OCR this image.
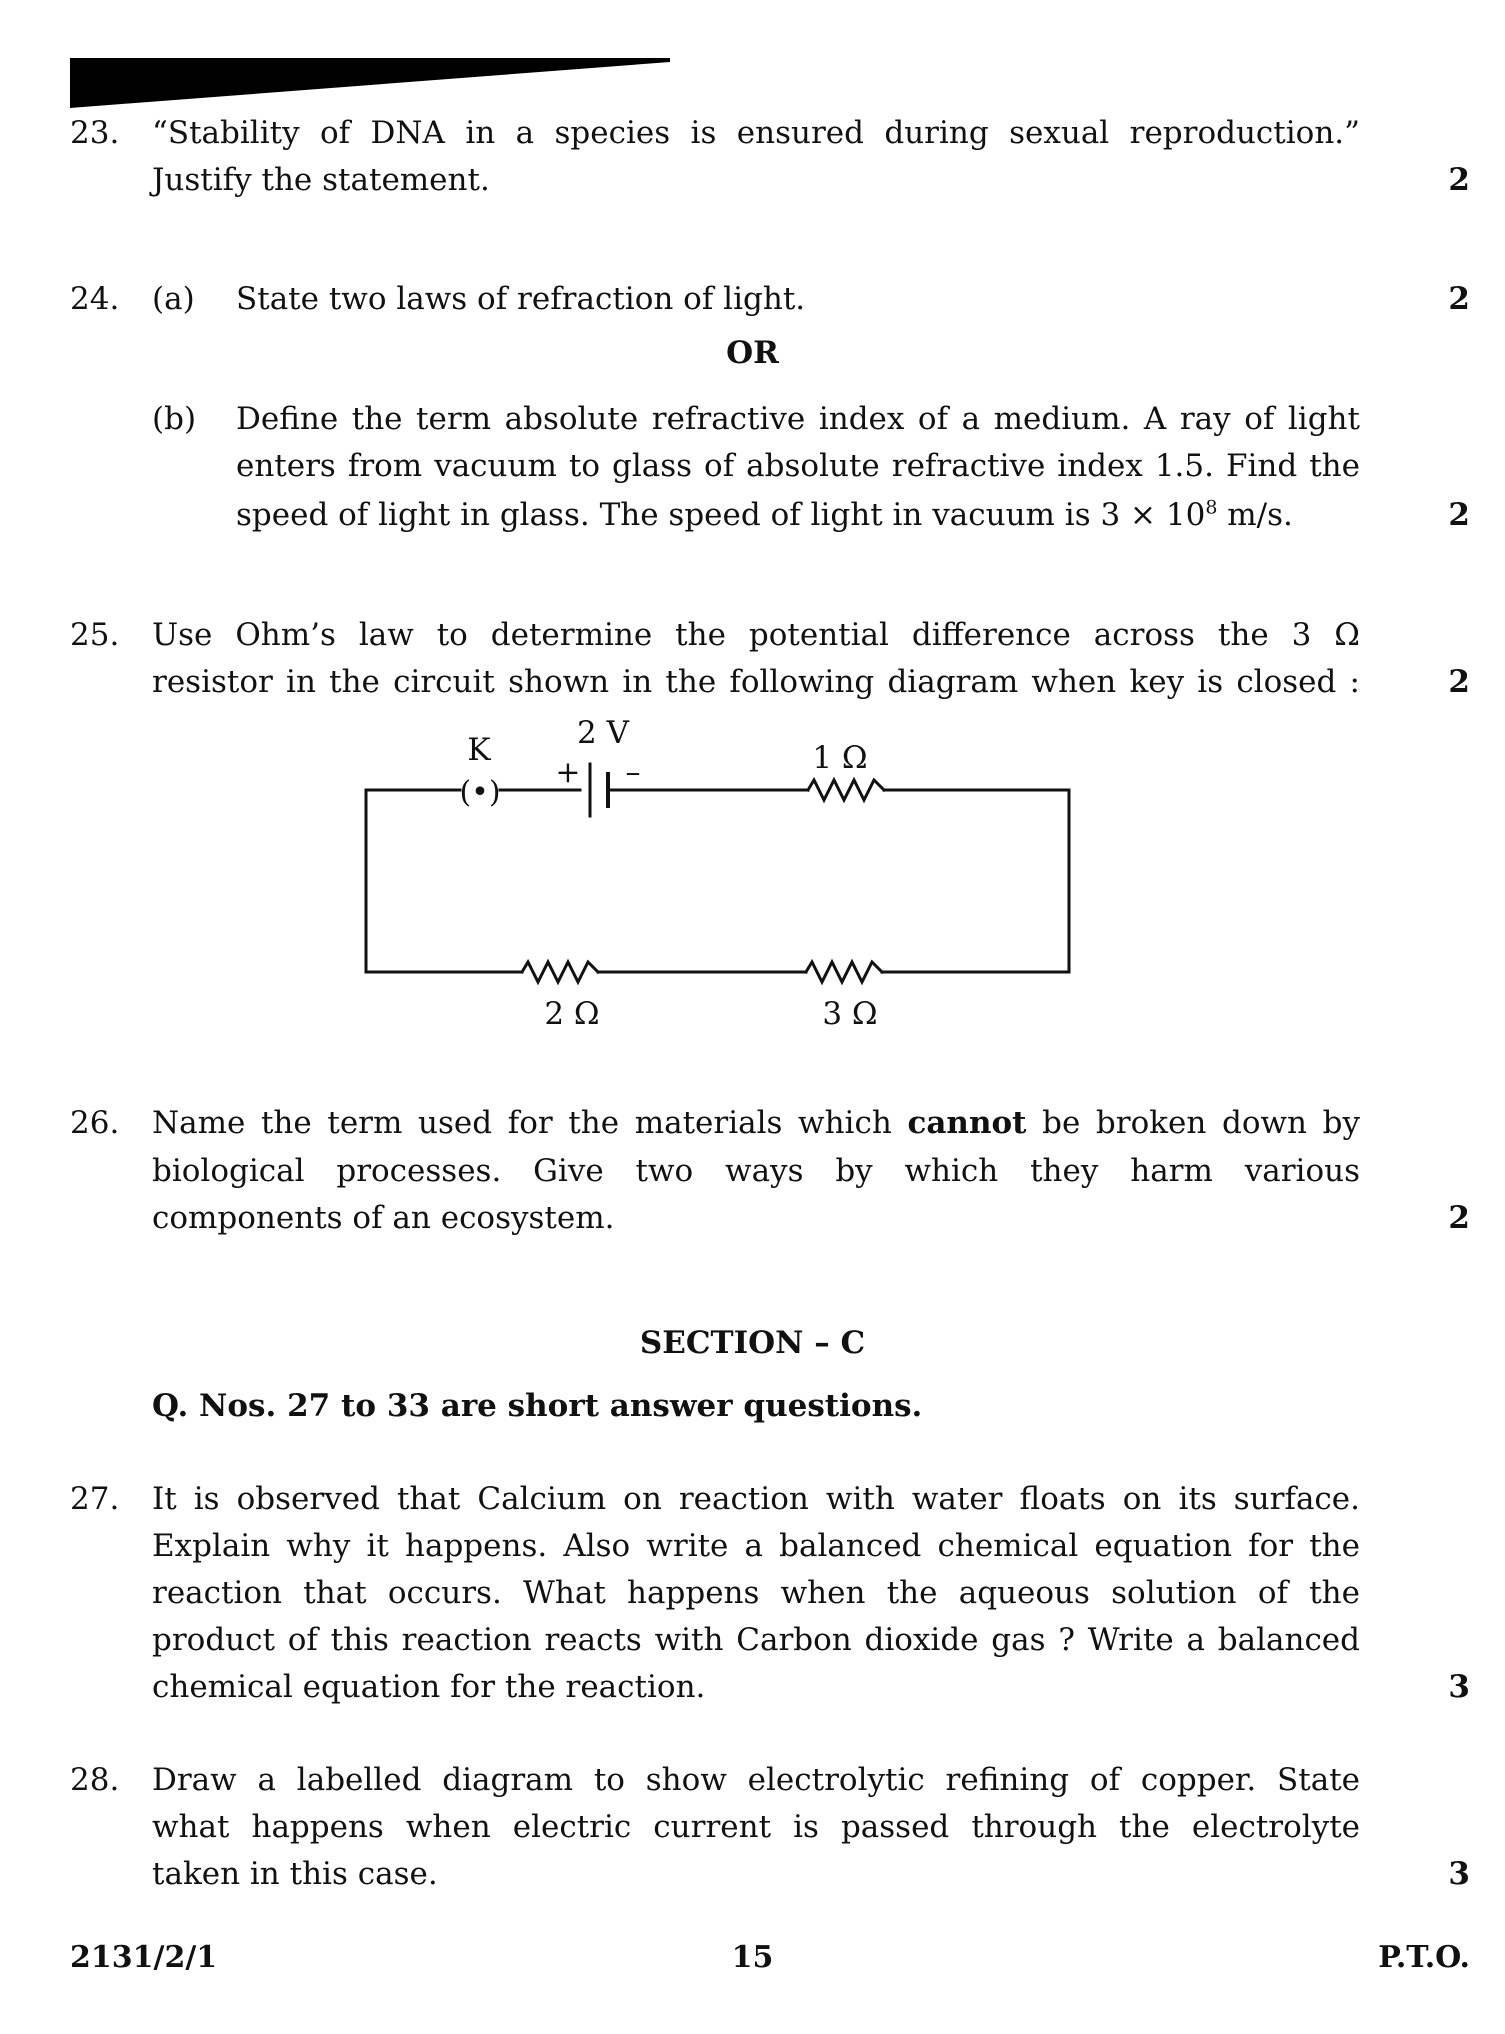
23. “Stability of DNA in a species is ensured during sexual reproduction.”
Justify the statement.	2
24. (a) State two laws of refraction of light.	2
OR
(b) Define the term absolute refractive index of a medium. A ray of light
enters from vacuum to glass of absolute refractive index 1.5. Find the
speed of light in glass. The speed of light in vacuum is $3 \times 10^8$ m/s.	2
25. Use Ohm’s law to determine the potential difference across the 3 Ω
resistor in the circuit shown in the following diagram when key is closed :	2
(•)
K	2 V
+ –	1 Ω
2 Ω	3 Ω
26. Name the term used for the materials which cannot be broken down by
biological processes. Give two ways by which they harm various
components of an ecosystem.	2
SECTION – C
Q. Nos. 27 to 33 are short answer questions.
27. It is observed that Calcium on reaction with water floats on its surface.
Explain why it happens. Also write a balanced chemical equation for the
reaction that occurs. What happens when the aqueous solution of the
product of this reaction reacts with Carbon dioxide gas ? Write a balanced
chemical equation for the reaction.	3
28. Draw a labelled diagram to show electrolytic refining of copper. State
what happens when electric current is passed through the electrolyte
taken in this case.	3
2131/2/1	15	P.T.O.
